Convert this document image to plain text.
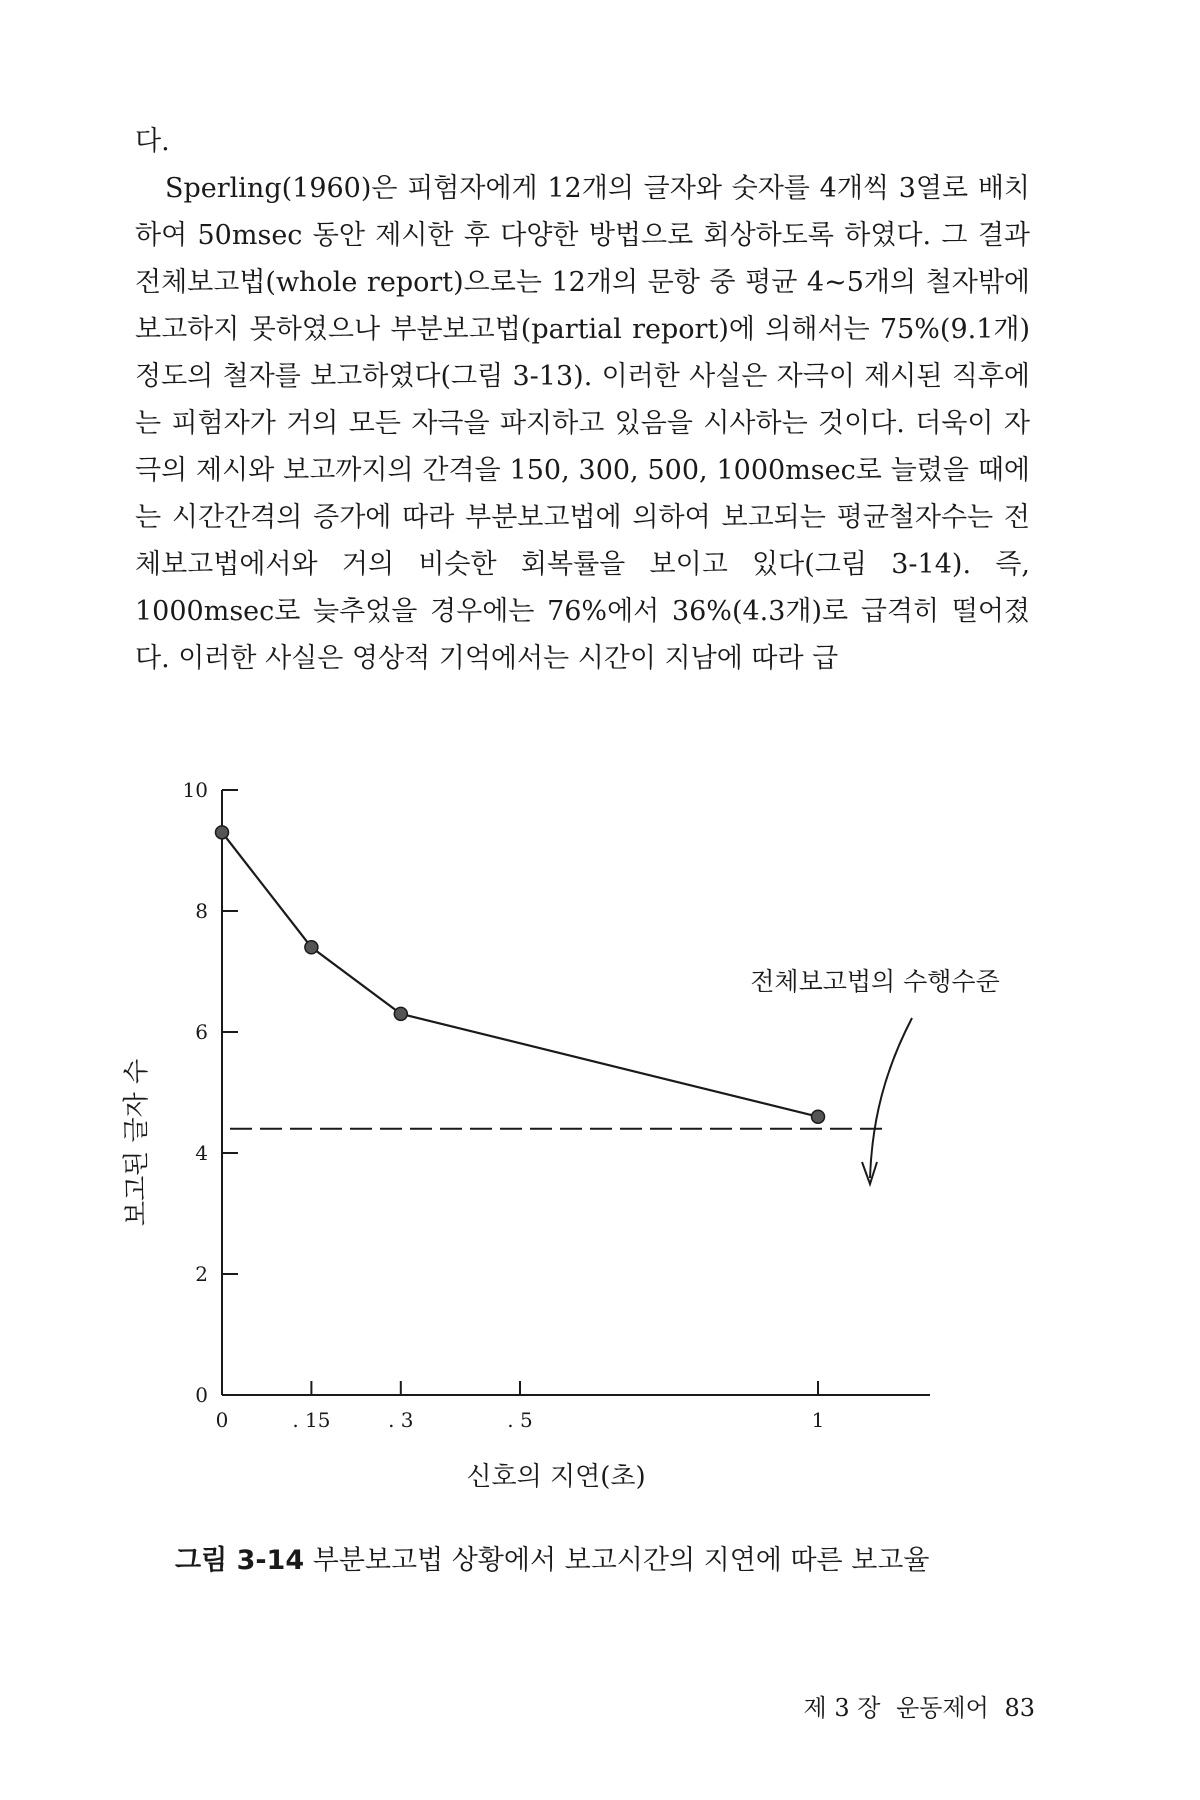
다.

Sperling(1960)은 피험자에게 12개의 글자와 숫자를 4개씩 3열로 배치하여 50msec 동안 제시한 후 다양한 방법으로 회상하도록 하였다. 그 결과 전체보고법(whole report)으로는 12개의 문항 중 평균 4~5개의 철자밖에 보고하지 못하였으나 부분보고법(partial report)에 의해서는 75%(9.1개) 정도의 철자를 보고하였다(그림 3-13). 이러한 사실은 자극이 제시된 직후에는 피험자가 거의 모든 자극을 파지하고 있음을 시사하는 것이다. 더욱이 자극의 제시와 보고까지의 간격을 150, 300, 500, 1000msec로 늘렸을 때에는 시간간격의 증가에 따라 부분보고법에 의하여 보고되는 평균철자수는 전체보고법에서와 거의 비슷한 회복률을 보이고 있다(그림 3-14). 즉, 1000msec로 늦추었을 경우에는 76%에서 36%(4.3개)로 급격히 떨어졌다. 이러한 사실은 영상적 기억에서는 시간이 지남에 따라 급

0
2
4
6
8
10
0	. 15	. 3	. 5	1
전체보고법의 수행수준
신호의 지연(초)
보고된 글자 수
그림 3-14 부분보고법 상황에서 보고시간의 지연에 따른 보고율
제 3 장 운동제어 83
